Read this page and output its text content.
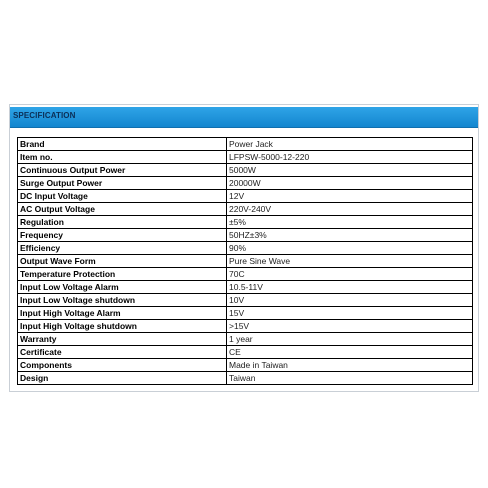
SPECIFICATION
Brand	Power Jack
Item no.	LFPSW-5000-12-220
Continuous Output Power	5000W
Surge Output Power	20000W
DC Input Voltage	12V
AC Output Voltage	220V-240V
Regulation	±5%
Frequency	50HZ±3%
Efficiency	90%
Output Wave Form	Pure Sine Wave
Temperature Protection	70C
Input Low Voltage Alarm	10.5-11V
Input Low Voltage shutdown	10V
Input High Voltage Alarm	15V
Input High Voltage shutdown	>15V
Warranty	1 year
Certificate	CE
Components	Made in Taiwan
Design	Taiwan
